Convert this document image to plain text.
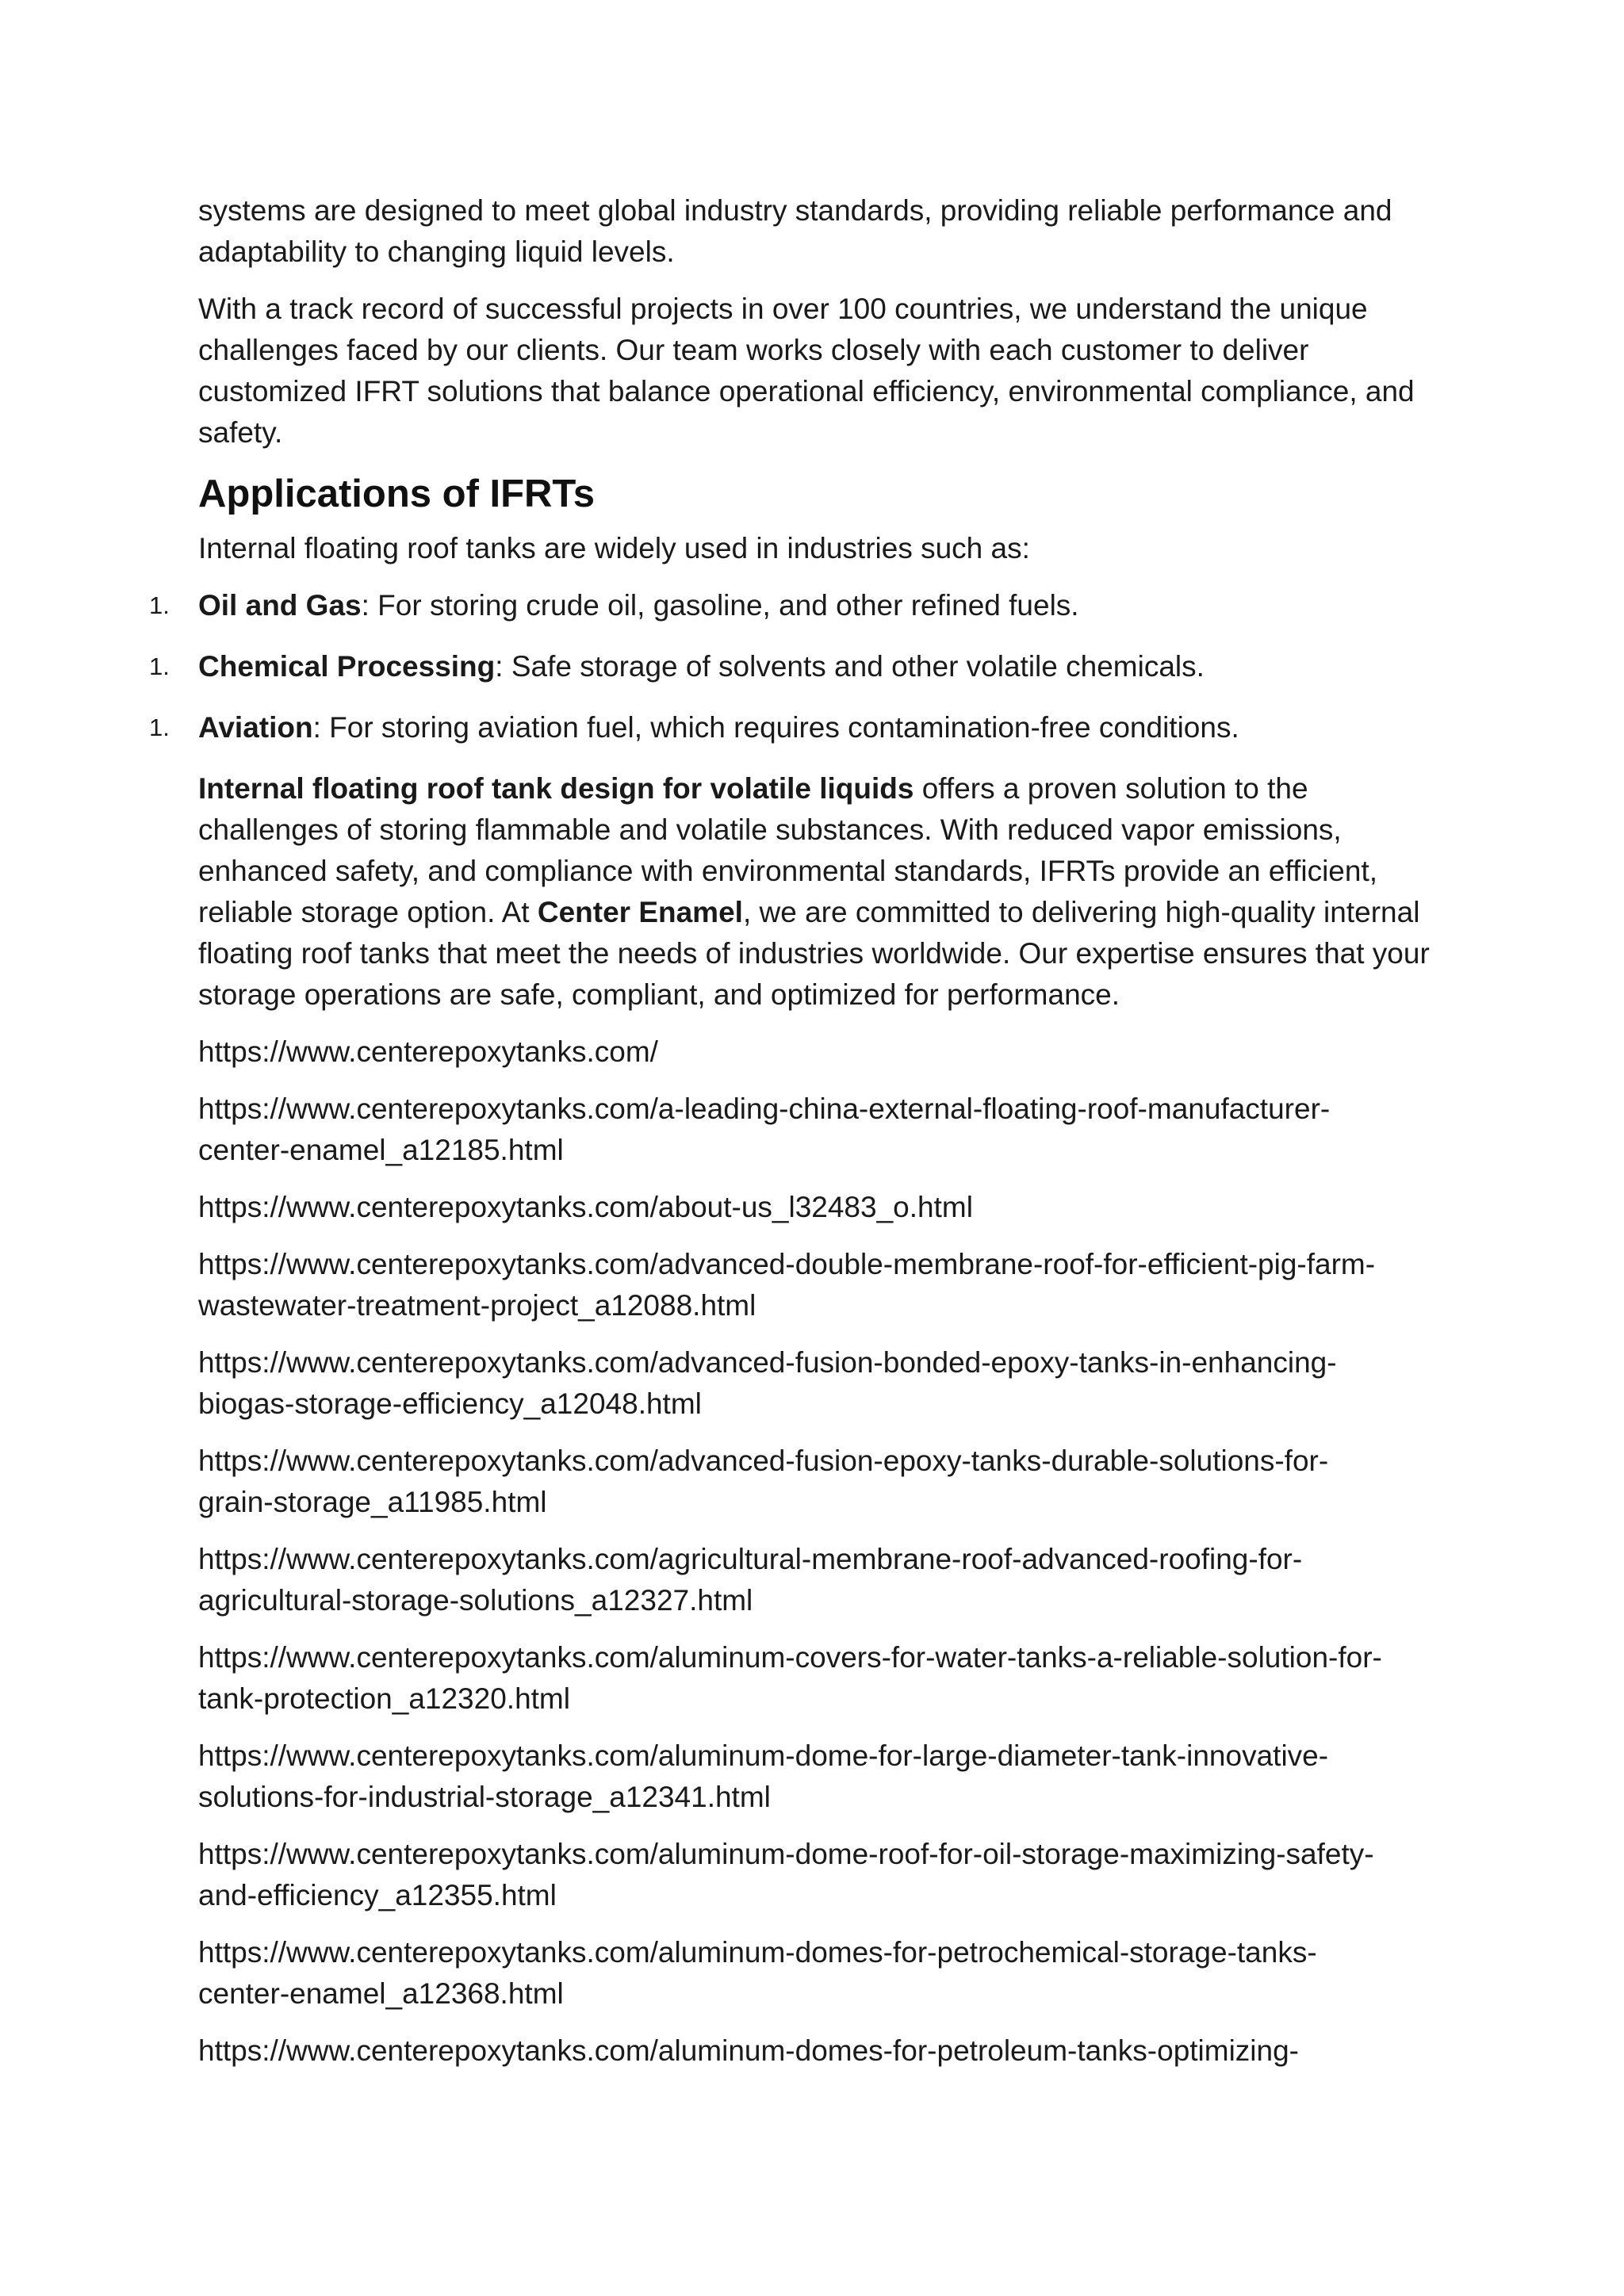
systems are designed to meet global industry standards, providing reliable performance and adaptability to changing liquid levels.

With a track record of successful projects in over 100 countries, we understand the unique challenges faced by our clients. Our team works closely with each customer to deliver customized IFRT solutions that balance operational efficiency, environmental compliance, and safety.

Applications of IFRTs

Internal floating roof tanks are widely used in industries such as:

1. Oil and Gas: For storing crude oil, gasoline, and other refined fuels.
1. Chemical Processing: Safe storage of solvents and other volatile chemicals.
1. Aviation: For storing aviation fuel, which requires contamination-free conditions.

Internal floating roof tank design for volatile liquids offers a proven solution to the challenges of storing flammable and volatile substances. With reduced vapor emissions, enhanced safety, and compliance with environmental standards, IFRTs provide an efficient, reliable storage option. At Center Enamel, we are committed to delivering high-quality internal floating roof tanks that meet the needs of industries worldwide. Our expertise ensures that your storage operations are safe, compliant, and optimized for performance.

https://www.centerepoxytanks.com/
https://www.centerepoxytanks.com/a-leading-china-external-floating-roof-manufacturer-
center-enamel_a12185.html
https://www.centerepoxytanks.com/about-us_l32483_o.html
https://www.centerepoxytanks.com/advanced-double-membrane-roof-for-efficient-pig-farm-
wastewater-treatment-project_a12088.html
https://www.centerepoxytanks.com/advanced-fusion-bonded-epoxy-tanks-in-enhancing-
biogas-storage-efficiency_a12048.html
https://www.centerepoxytanks.com/advanced-fusion-epoxy-tanks-durable-solutions-for-
grain-storage_a11985.html
https://www.centerepoxytanks.com/agricultural-membrane-roof-advanced-roofing-for-
agricultural-storage-solutions_a12327.html
https://www.centerepoxytanks.com/aluminum-covers-for-water-tanks-a-reliable-solution-for-
tank-protection_a12320.html
https://www.centerepoxytanks.com/aluminum-dome-for-large-diameter-tank-innovative-
solutions-for-industrial-storage_a12341.html
https://www.centerepoxytanks.com/aluminum-dome-roof-for-oil-storage-maximizing-safety-
and-efficiency_a12355.html
https://www.centerepoxytanks.com/aluminum-domes-for-petrochemical-storage-tanks-
center-enamel_a12368.html
https://www.centerepoxytanks.com/aluminum-domes-for-petroleum-tanks-optimizing-
